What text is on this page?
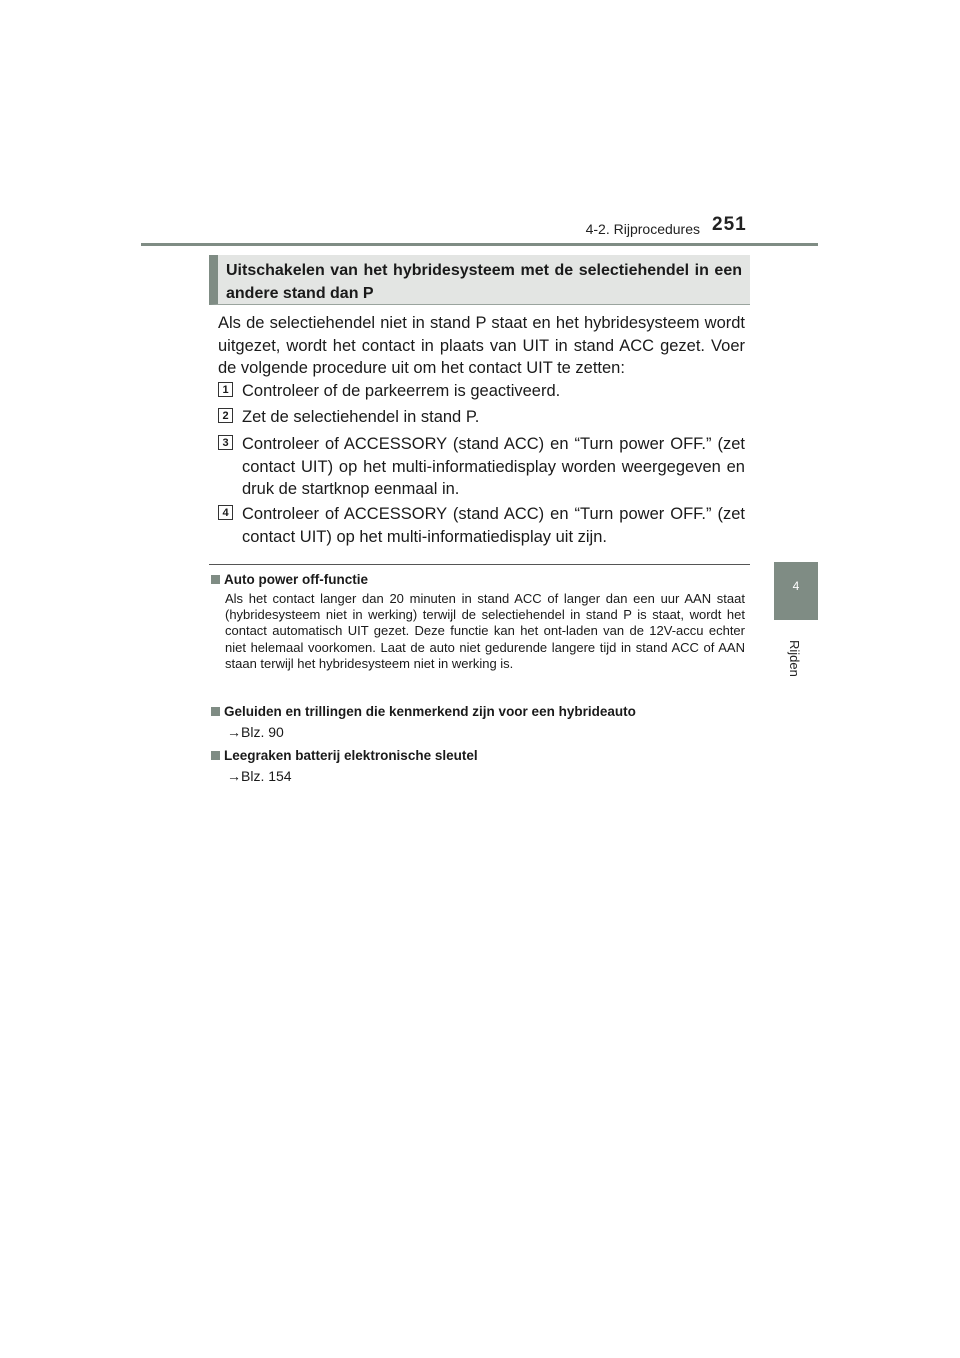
4-2. Rijprocedures 251
4
Rijden
Uitschakelen van het hybridesysteem met de selectiehendel in een andere stand dan P
Als de selectiehendel niet in stand P staat en het hybridesysteem wordt uitgezet, wordt het contact in plaats van UIT in stand ACC gezet. Voer de volgende procedure uit om het contact UIT te zetten:
1 Controleer of de parkeerrem is geactiveerd.
2 Zet de selectiehendel in stand P.
3 Controleer of ACCESSORY (stand ACC) en “Turn power OFF.” (zet contact UIT) op het multi-informatiedisplay worden weergegeven en druk de startknop eenmaal in.
4 Controleer of ACCESSORY (stand ACC) en “Turn power OFF.” (zet contact UIT) op het multi-informatiedisplay uit zijn.
Auto power off-functie
Als het contact langer dan 20 minuten in stand ACC of langer dan een uur AAN staat (hybridesysteem niet in werking) terwijl de selectiehendel in stand P is staat, wordt het contact automatisch UIT gezet. Deze functie kan het ont-laden van de 12V-accu echter niet helemaal voorkomen. Laat de auto niet gedurende langere tijd in stand ACC of AAN staan terwijl het hybridesysteem niet in werking is.
Geluiden en trillingen die kenmerkend zijn voor een hybrideauto
→Blz. 90
Leegraken batterij elektronische sleutel
→Blz. 154
